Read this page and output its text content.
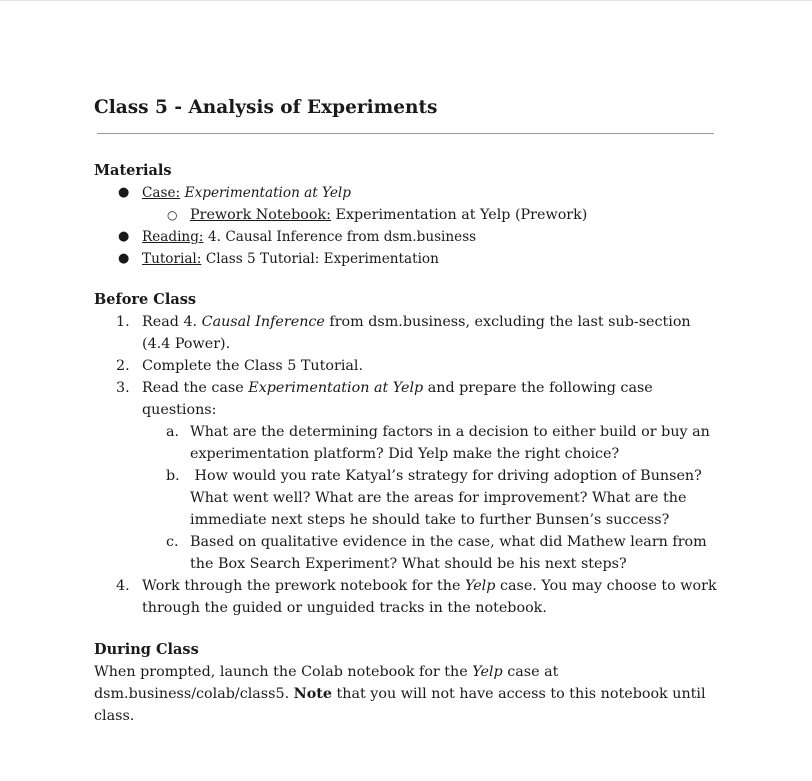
Class 5 - Analysis of Experiments
Materials
● Case: Experimentation at Yelp
○ Prework Notebook: Experimentation at Yelp (Prework)
● Reading: 4. Causal Inference from dsm.business
● Tutorial: Class 5 Tutorial: Experimentation
Before Class
1. Read 4. Causal Inference from dsm.business, excluding the last sub-section (4.4 Power).
2. Complete the Class 5 Tutorial.
3. Read the case Experimentation at Yelp and prepare the following case questions:
a. What are the determining factors in a decision to either build or buy an experimentation platform? Did Yelp make the right choice?
b. How would you rate Katyal’s strategy for driving adoption of Bunsen? What went well? What are the areas for improvement? What are the immediate next steps he should take to further Bunsen’s success?
c. Based on qualitative evidence in the case, what did Mathew learn from the Box Search Experiment? What should be his next steps?
4. Work through the prework notebook for the Yelp case. You may choose to work through the guided or unguided tracks in the notebook.
During Class

When prompted, launch the Colab notebook for the Yelp case at dsm.business/colab/class5. Note that you will not have access to this notebook until class.
